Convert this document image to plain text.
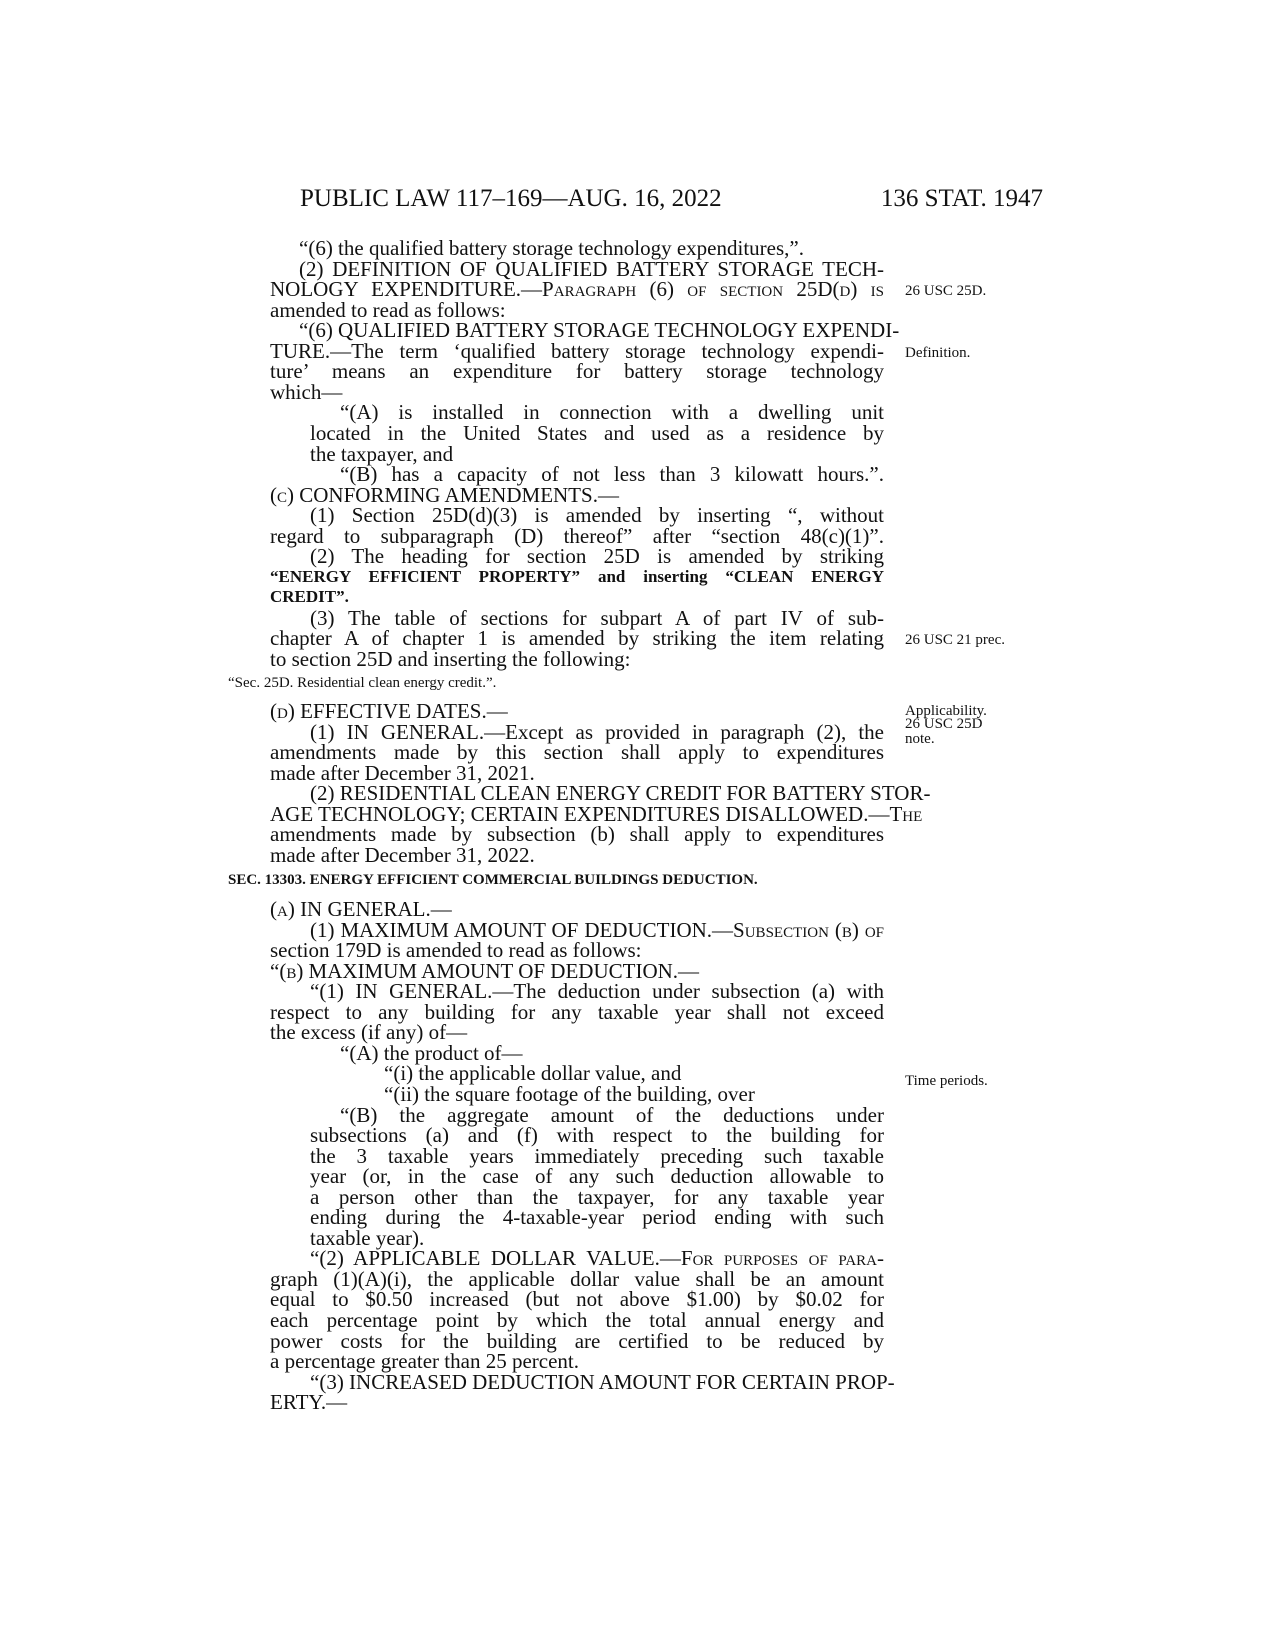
PUBLIC LAW 117–169—AUG. 16, 2022	136 STAT. 1947
“(6) the qualified battery storage technology expenditures,”.
(2) DEFINITION OF QUALIFIED BATTERY STORAGE TECH-
NOLOGY EXPENDITURE.—Paragraph (6) of section 25D(d) is
amended to read as follows:
“(6) QUALIFIED BATTERY STORAGE TECHNOLOGY EXPENDI-
TURE.—The term ‘qualified battery storage technology expendi-
ture’ means an expenditure for battery storage technology
which—
“(A) is installed in connection with a dwelling unit
located in the United States and used as a residence by
the taxpayer, and
“(B) has a capacity of not less than 3 kilowatt hours.”.
(c) CONFORMING AMENDMENTS.—
(1) Section 25D(d)(3) is amended by inserting “, without
regard to subparagraph (D) thereof” after “section 48(c)(1)”.
(2) The heading for section 25D is amended by striking
“ENERGY EFFICIENT PROPERTY” and inserting “CLEAN ENERGY
CREDIT”.
(3) The table of sections for subpart A of part IV of sub-
chapter A of chapter 1 is amended by striking the item relating
to section 25D and inserting the following:
“Sec. 25D. Residential clean energy credit.”.
(d) EFFECTIVE DATES.—
(1) IN GENERAL.—Except as provided in paragraph (2), the
amendments made by this section shall apply to expenditures
made after December 31, 2021.
(2) RESIDENTIAL CLEAN ENERGY CREDIT FOR BATTERY STOR-
AGE TECHNOLOGY; CERTAIN EXPENDITURES DISALLOWED.—The
amendments made by subsection (b) shall apply to expenditures
made after December 31, 2022.
SEC. 13303. ENERGY EFFICIENT COMMERCIAL BUILDINGS DEDUCTION.
(a) IN GENERAL.—
(1) MAXIMUM AMOUNT OF DEDUCTION.—Subsection (b) of
section 179D is amended to read as follows:
“(b) MAXIMUM AMOUNT OF DEDUCTION.—
“(1) IN GENERAL.—The deduction under subsection (a) with
respect to any building for any taxable year shall not exceed
the excess (if any) of—
“(A) the product of—
“(i) the applicable dollar value, and
“(ii) the square footage of the building, over
“(B) the aggregate amount of the deductions under
subsections (a) and (f) with respect to the building for
the 3 taxable years immediately preceding such taxable
year (or, in the case of any such deduction allowable to
a person other than the taxpayer, for any taxable year
ending during the 4-taxable-year period ending with such
taxable year).
“(2) APPLICABLE DOLLAR VALUE.—For purposes of para-
graph (1)(A)(i), the applicable dollar value shall be an amount
equal to $0.50 increased (but not above $1.00) by $0.02 for
each percentage point by which the total annual energy and
power costs for the building are certified to be reduced by
a percentage greater than 25 percent.
“(3) INCREASED DEDUCTION AMOUNT FOR CERTAIN PROP-
ERTY.—
26 USC 25D.
Definition.
26 USC 21 prec.
Applicability.
26 USC 25D
note.
Time periods.
